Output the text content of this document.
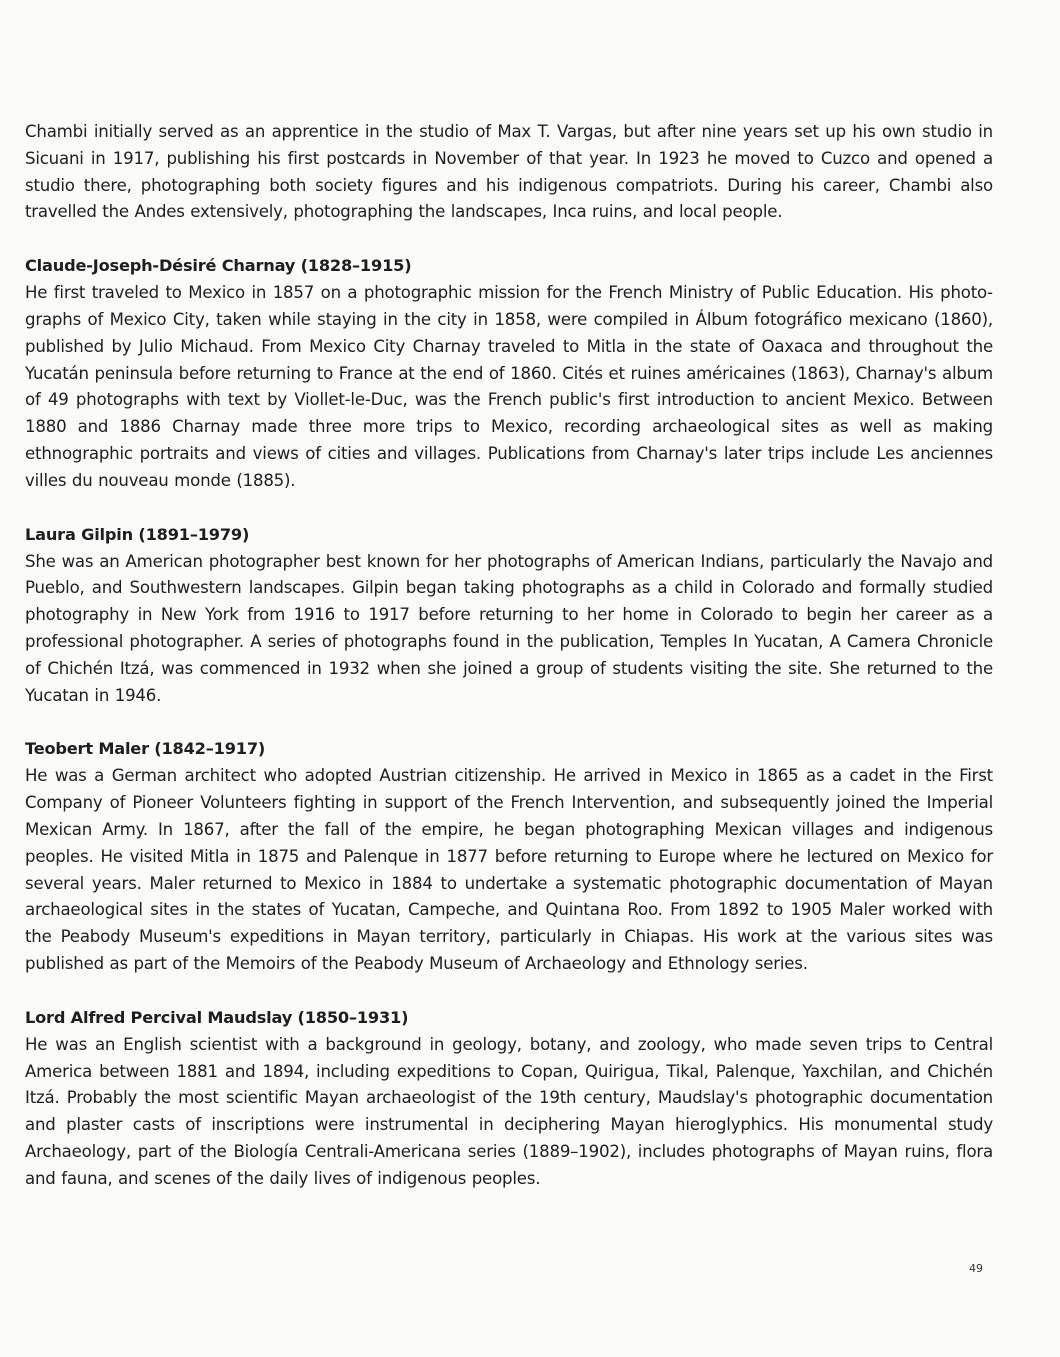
Chambi initially served as an apprentice in the studio of Max T. Vargas, but after nine years set up his own studio in Sicuani in 1917, publishing his first postcards in November of that year. In 1923 he moved to Cuzco and opened a studio there, photographing both society figures and his indigenous compatriots. During his career, Chambi also travelled the Andes extensively, photographing the landscapes, Inca ruins, and local people.

Claude-Joseph-Désiré Charnay (1828–1915)

He first traveled to Mexico in 1857 on a photographic mission for the French Ministry of Public Education. His photographs of Mexico City, taken while staying in the city in 1858, were compiled in Álbum fotográfico mexicano (1860), published by Julio Michaud. From Mexico City Charnay traveled to Mitla in the state of Oaxaca and throughout the Yucatán peninsula before returning to France at the end of 1860. Cités et ruines américaines (1863), Charnay's album of 49 photographs with text by Viollet-le-Duc, was the French public's first introduction to ancient Mexico. Between 1880 and 1886 Charnay made three more trips to Mexico, recording archaeological sites as well as making ethnographic portraits and views of cities and villages. Publications from Charnay's later trips include Les anciennes villes du nouveau monde (1885).

Laura Gilpin (1891–1979)

She was an American photographer best known for her photographs of American Indians, particularly the Navajo and Pueblo, and Southwestern landscapes. Gilpin began taking photographs as a child in Colorado and formally studied photography in New York from 1916 to 1917 before returning to her home in Colorado to begin her career as a professional photographer. A series of photographs found in the publication, Temples In Yucatan, A Camera Chronicle of Chichén Itzá, was commenced in 1932 when she joined a group of students visiting the site. She returned to the Yucatan in 1946.

Teobert Maler (1842–1917)

He was a German architect who adopted Austrian citizenship. He arrived in Mexico in 1865 as a cadet in the First Company of Pioneer Volunteers fighting in support of the French Intervention, and subsequently joined the Imperial Mexican Army. In 1867, after the fall of the empire, he began photographing Mexican villages and indigenous peoples. He visited Mitla in 1875 and Palenque in 1877 before returning to Europe where he lectured on Mexico for several years. Maler returned to Mexico in 1884 to undertake a systematic photographic documentation of Mayan archaeological sites in the states of Yucatan, Campeche, and Quintana Roo. From 1892 to 1905 Maler worked with the Peabody Museum's expeditions in Mayan territory, particularly in Chiapas. His work at the various sites was published as part of the Memoirs of the Peabody Museum of Archaeology and Ethnology series.

Lord Alfred Percival Maudslay (1850–1931)

He was an English scientist with a background in geology, botany, and zoology, who made seven trips to Central America between 1881 and 1894, including expeditions to Copan, Quirigua, Tikal, Palenque, Yaxchilan, and Chichén Itzá. Probably the most scientific Mayan archaeologist of the 19th century, Maudslay's photographic documentation and plaster casts of inscriptions were instrumental in deciphering Mayan hieroglyphics. His monumental study Archaeology, part of the Biología Centrali-Americana series (1889–1902), includes photographs of Mayan ruins, flora and fauna, and scenes of the daily lives of indigenous peoples.

49
